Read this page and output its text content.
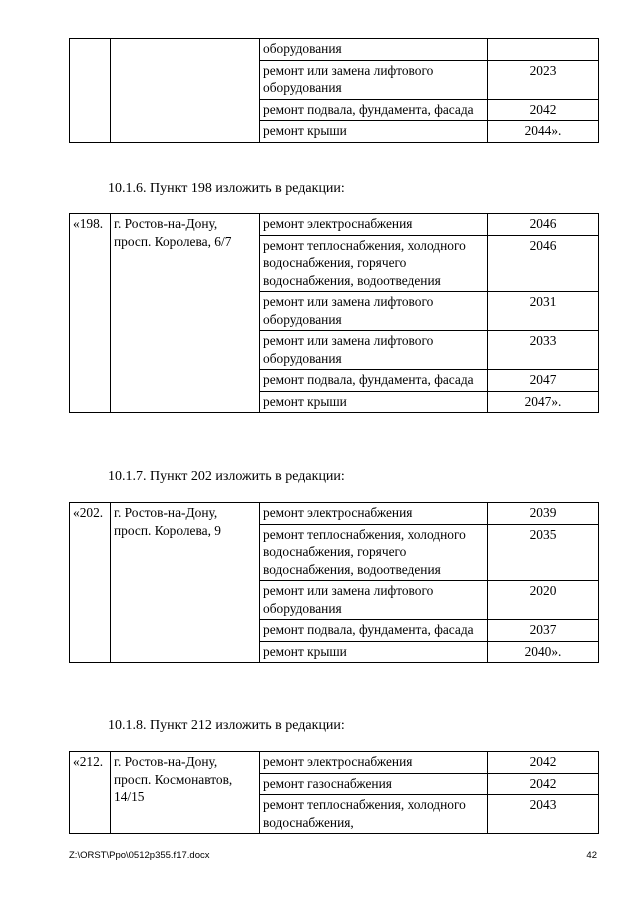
		оборудования	
		ремонт или замена лифтового оборудования	2023
		ремонт подвала, фундамента, фасада	2042
		ремонт крыши	2044».
10.1.6. Пункт 198 изложить в редакции:
«198.	г. Ростов-на-Дону, просп. Королева, 6/7	ремонт электроснабжения	2046
		ремонт теплоснабжения, холодного водоснабжения, горячего водоснабжения, водоотведения	2046
		ремонт или замена лифтового оборудования	2031
		ремонт или замена лифтового оборудования	2033
		ремонт подвала, фундамента, фасада	2047
		ремонт крыши	2047».
10.1.7. Пункт 202 изложить в редакции:
«202.	г. Ростов-на-Дону, просп. Королева, 9	ремонт электроснабжения	2039
		ремонт теплоснабжения, холодного водоснабжения, горячего водоснабжения, водоотведения	2035
		ремонт или замена лифтового оборудования	2020
		ремонт подвала, фундамента, фасада	2037
		ремонт крыши	2040».
10.1.8. Пункт 212 изложить в редакции:
«212.	г. Ростов-на-Дону, просп. Космонавтов, 14/15	ремонт электроснабжения	2042
		ремонт газоснабжения	2042
		ремонт теплоснабжения, холодного водоснабжения,	2043
Z:\ORST\Ppo\0512p355.f17.docx	42
